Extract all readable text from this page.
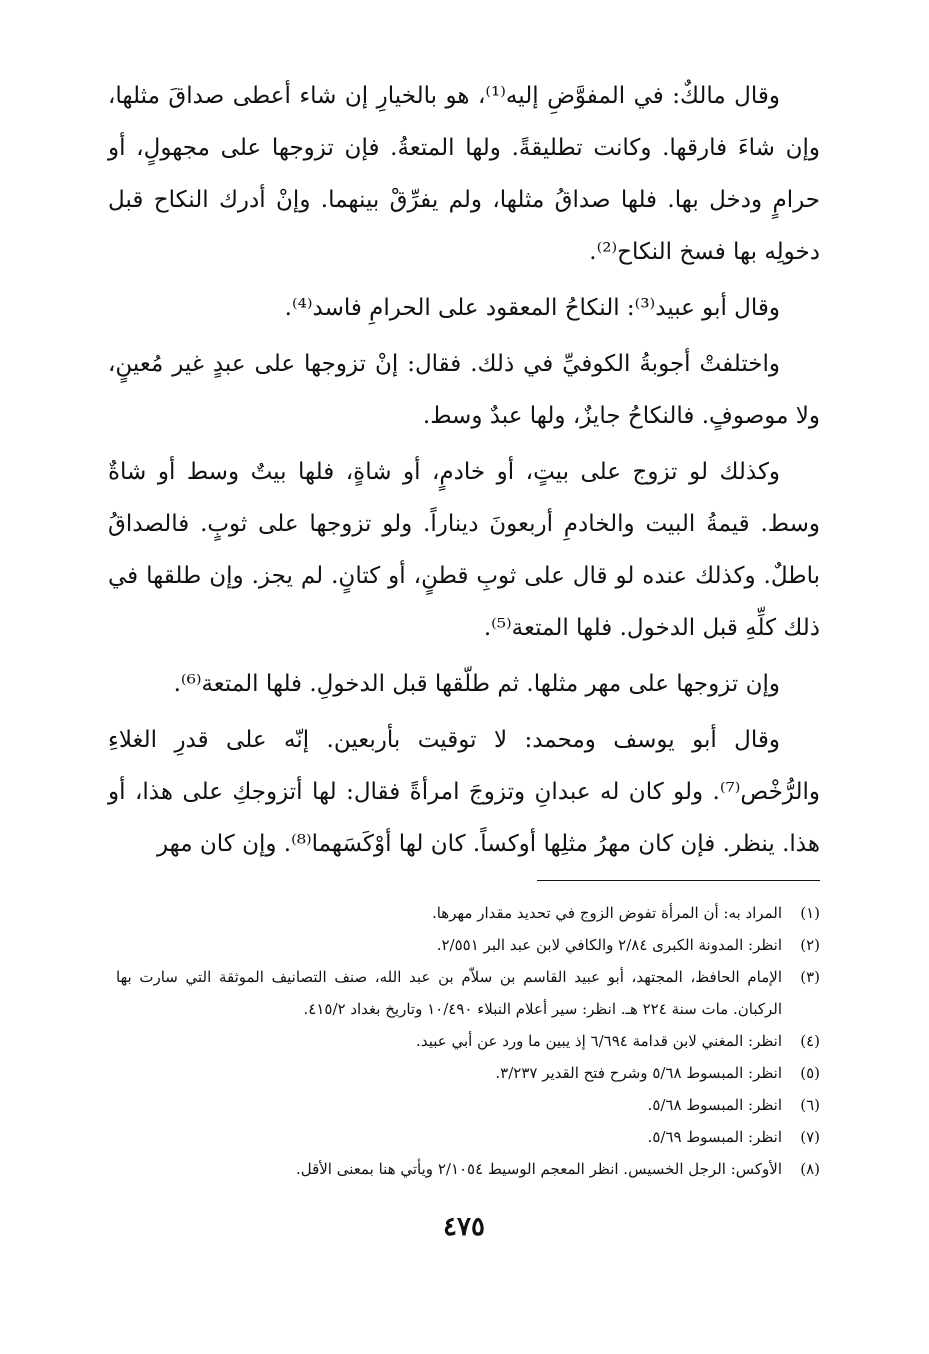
وقال مالكٌ: في المفوَّضِ إليه⁽¹⁾، هو بالخيارِ إن شاء أعطى صداقَ مثلها، وإن شاءَ فارقها. وكانت تطليقةً. ولها المتعةُ. فإن تزوجها على مجهولٍ، أو حرامٍ ودخل بها. فلها صداقُ مثلها، ولم يفرِّقْ بينهما. وإنْ أدرك النكاح قبل دخولِه بها فسخ النكاح⁽²⁾.

وقال أبو عبيد⁽³⁾: النكاحُ المعقود على الحرامِ فاسد⁽⁴⁾.

واختلفتْ أجوبةُ الكوفيِّ في ذلك. فقال: إنْ تزوجها على عبدٍ غير مُعينٍ، ولا موصوفٍ. فالنكاحُ جايزٌ، ولها عبدٌ وسط.

وكذلك لو تزوج على بيتٍ، أو خادمٍ، أو شاةٍ، فلها بيتٌ وسط أو شاةٌ وسط. قيمةُ البيت والخادمِ أربعونَ ديناراً. ولو تزوجها على ثوبٍ. فالصداقُ باطلٌ. وكذلك عنده لو قال على ثوبِ قطنٍ، أو كتانٍ. لم يجز. وإن طلقها في ذلك كلِّهِ قبل الدخول. فلها المتعة⁽⁵⁾.

وإن تزوجها على مهر مثلها. ثم طلّقها قبل الدخولِ. فلها المتعة⁽⁶⁾.

وقال أبو يوسف ومحمد: لا توقيت بأربعين. إنّه على قدرِ الغلاءِ والرُّخْص⁽⁷⁾. ولو كان له عبدانِ وتزوجَ امرأةً فقال: لها أتزوجكِ على هذا، أو هذا. ينظر. فإن كان مهرُ مثلِها أوكساً. كان لها أوْكَسَهما⁽⁸⁾. وإن كان مهر

(١)
المراد به: أن المرأة تفوض الزوج في تحديد مقدار مهرها.
(٢)
انظر: المدونة الكبرى ٢/٨٤ والكافي لابن عبد البر ٢/٥٥١.
(٣)
الإمام الحافظ، المجتهد، أبو عبيد القاسم بن سلاّم بن عبد الله، صنف التصانيف الموثقة التي سارت بها الركبان. مات سنة ٢٢٤ هـ. انظر: سير أعلام النبلاء ١٠/٤٩٠ وتاريخ بغداد ٤١٥/٢.
(٤)
انظر: المغني لابن قدامة ٦/٦٩٤ إذ يبين ما ورد عن أبي عبيد.
(٥)
انظر: المبسوط ٥/٦٨ وشرح فتح القدير ٣/٢٣٧.
(٦)
انظر: المبسوط ٥/٦٨.
(٧)
انظر: المبسوط ٥/٦٩.
(٨)
الأوكس: الرجل الخسيس. انظر المعجم الوسيط ٢/١٠٥٤ ويأتي هنا بمعنى الأقل.
٤٧٥
